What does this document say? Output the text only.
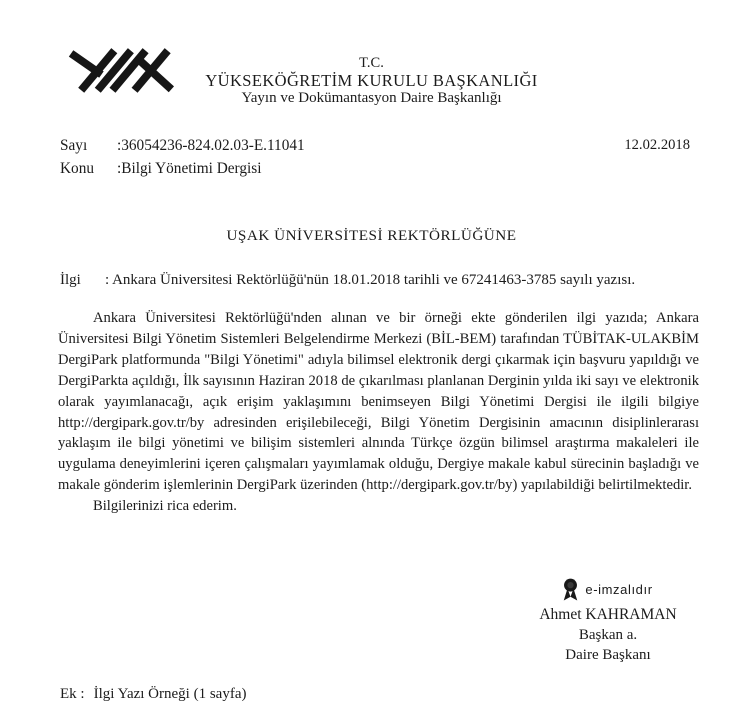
T.C.
YÜKSEKÖĞRETİM KURULU BAŞKANLIĞI
Yayın ve Dokümantasyon Daire Başkanlığı
Sayı	:36054236-824.02.03-E.11041
Konu	:Bilgi Yönetimi Dergisi
12.02.2018
UŞAK ÜNİVERSİTESİ REKTÖRLÜĞÜNE
İlgi	: Ankara Üniversitesi Rektörlüğü'nün 18.01.2018 tarihli ve 67241463-3785 sayılı yazısı.

Ankara Üniversitesi Rektörlüğü'nden alınan ve bir örneği ekte gönderilen ilgi yazıda; Ankara Üniversitesi Bilgi Yönetim Sistemleri Belgelendirme Merkezi (BİL-BEM) tarafından TÜBİTAK-ULAKBİM DergiPark platformunda "Bilgi Yönetimi" adıyla bilimsel elektronik dergi çıkarmak için başvuru yapıldığı ve DergiParkta açıldığı, İlk sayısının Haziran 2018 de çıkarılması planlanan Derginin yılda iki sayı ve elektronik olarak yayımlanacağı, açık erişim yaklaşımını benimseyen Bilgi Yönetimi Dergisi ile ilgili bilgiye http://dergipark.gov.tr/by adresinden erişilebileceği, Bilgi Yönetim Dergisinin amacının disiplinlerarası yaklaşım ile bilgi yönetimi ve bilişim sistemleri alnında Türkçe özgün bilimsel araştırma makaleleri ile uygulama deneyimlerini içeren çalışmaları yayımlamak olduğu, Dergiye makale kabul sürecinin başladığı ve makale gönderim işlemlerinin DergiPark üzerinden (http://dergipark.gov.tr/by) yapılabildiği belirtilmektedir.

Bilgilerinizi rica ederim.

e-imzalıdır
Ahmet KAHRAMAN
Başkan a.
Daire Başkanı
Ek : İlgi Yazı Örneği (1 sayfa)
